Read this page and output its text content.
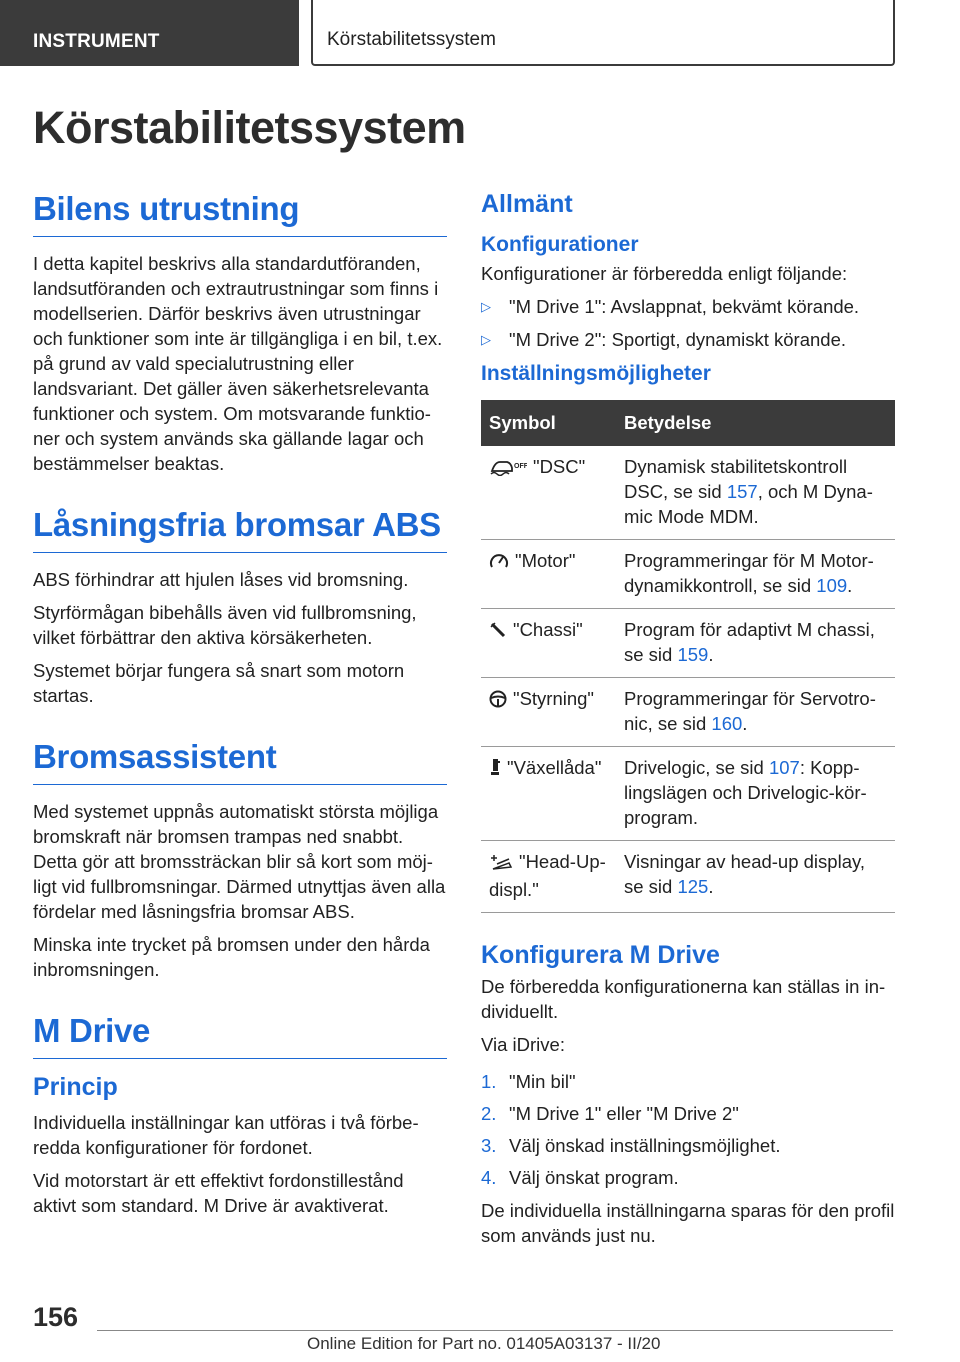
INSTRUMENT	Körstabilitetssystem
Körstabilitetssystem
Bilens utrustning

I detta kapitel beskrivs alla standardutföranden, landsutföranden och extrautrustningar som finns i modellserien. Därför beskrivs även utrustningar och funktioner som inte är tillgängliga i en bil, t.ex. på grund av vald specialutrustning eller landsvariant. Det gäller även säkerhetsrelevanta funktioner och system. Om motsvarande funktioner och system används ska gällande lagar och bestämmelser beaktas.

Låsningsfria bromsar ABS

ABS förhindrar att hjulen låses vid bromsning.

Styrförmågan bibehålls även vid fullbromsning, vilket förbättrar den aktiva körsäkerheten.

Systemet börjar fungera så snart som motorn startas.

Bromsassistent

Med systemet uppnås automatiskt största möjliga bromskraft när bromsen trampas ned snabbt. Detta gör att bromssträckan blir så kort som möjligt vid fullbromsningar. Därmed utnyttjas även alla fördelar med låsningsfria bromsar ABS.

Minska inte trycket på bromsen under den hårda inbromsningen.

M Drive
Princip

Individuella inställningar kan utföras i två förberedda konfigurationer för fordonet.

Vid motorstart är ett effektivt fordonstillestånd aktivt som standard. M Drive är avaktiverat.

Allmänt
Konfigurationer

Konfigurationer är förberedda enligt följande:

▷ "M Drive 1": Avslappnat, bekvämt körande.
▷ "M Drive 2": Sportigt, dynamiskt körande.
Inställningsmöjligheter
Symbol	Betydelse

OFF "DSC"	Dynamisk stabilitetskontroll DSC, se sid 157, och M Dynamic Mode MDM.
"Motor"	Programmeringar för M Motordynamikkontroll, se sid 109.
"Chassi"	Program för adaptivt M chassi, se sid 159.
"Styrning"	Programmeringar för Servotronic, se sid 160.
"Växellåda"	Drivelogic, se sid 107: Kopplingslägen och Drivelogic-körprogram.
"Head-Up-displ."	Visningar av head-up display, se sid 125.
Konfigurera M Drive

De förberedda konfigurationerna kan ställas in individuellt.

Via iDrive:

1. "Min bil"
2. "M Drive 1" eller "M Drive 2"
3. Välj önskad inställningsmöjlighet.
4. Välj önskat program.

De individuella inställningarna sparas för den profil som används just nu.

156
Online Edition for Part no. 01405A03137 - II/20
